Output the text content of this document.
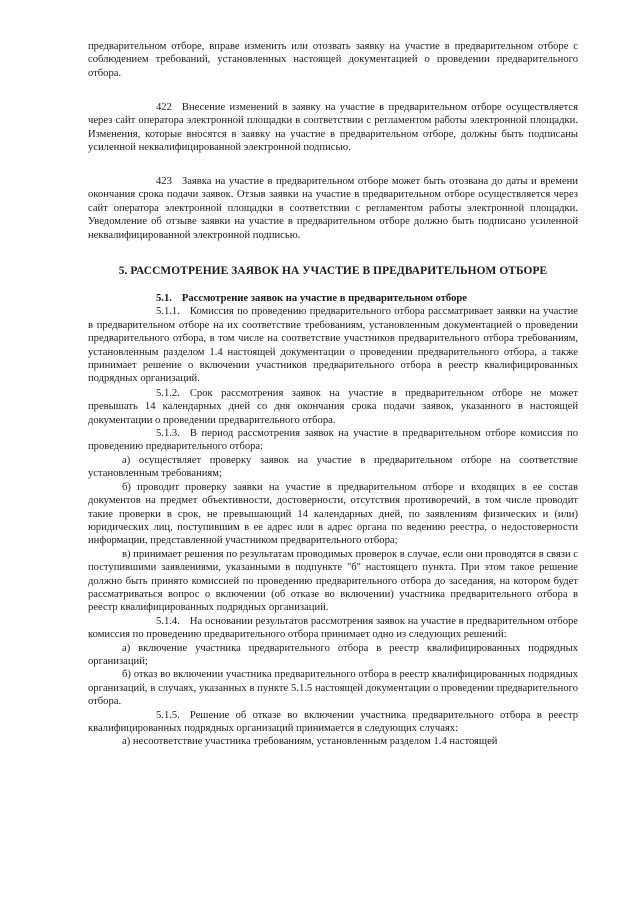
предварительном отборе, вправе изменить или отозвать заявку на участие в предварительном отборе с соблюдением требований, установленных настоящей документацией о проведении предварительного отбора.

422 Внесение изменений в заявку на участие в предварительном отборе осуществляется через сайт оператора электронной площадки в соответствии с регламентом работы электронной площадки. Изменения, которые вносятся в заявку на участие в предварительном отборе, должны быть подписаны усиленной неквалифицированной электронной подписью.

423 Заявка на участие в предварительном отборе может быть отозвана до даты и времени окончания срока подачи заявок. Отзыв заявки на участие в предварительном отборе осуществляется через сайт оператора электронной площадки в соответствии с регламентом работы электронной площадки. Уведомление об отзыве заявки на участие в предварительном отборе должно быть подписано усиленной неквалифицированной электронной подписью.

5. РАССМОТРЕНИЕ ЗАЯВОК НА УЧАСТИЕ В ПРЕДВАРИТЕЛЬНОМ ОТБОРЕ

5.1. Рассмотрение заявок на участие в предварительном отборе

5.1.1. Комиссия по проведению предварительного отбора рассматривает заявки на участие в предварительном отборе на их соответствие требованиям, установленным документацией о проведении предварительного отбора, в том числе на соответствие участников предварительного отбора требованиям, установленным разделом 1.4 настоящей документации о проведении предварительного отбора, а также принимает решение о включении участников предварительного отбора в реестр квалифицированных подрядных организаций.

5.1.2. Срок рассмотрения заявок на участие в предварительном отборе не может превышать 14 календарных дней со дня окончания срока подачи заявок, указанного в настоящей документации о проведении предварительного отбора.

5.1.3. В период рассмотрения заявок на участие в предварительном отборе комиссия по проведению предварительного отбора:

а) осуществляет проверку заявок на участие в предварительном отборе на соответствие установленным требованиям;

б) проводит проверку заявки на участие в предварительном отборе и входящих в ее состав документов на предмет объективности, достоверности, отсутствия противоречий, в том числе проводит такие проверки в срок, не превышающий 14 календарных дней, по заявлениям физических и (или) юридических лиц, поступившим в ее адрес или в адрес органа по ведению реестра, о недостоверности информации, представленной участником предварительного отбора;

в) принимает решения по результатам проводимых проверок в случае, если они проводятся в связи с поступившими заявлениями, указанными в подпункте "б" настоящего пункта. При этом такое решение должно быть принято комиссией по проведению предварительного отбора до заседания, на котором будет рассматриваться вопрос о включении (об отказе во включении) участника предварительного отбора в реестр квалифицированных подрядных организаций.

5.1.4. На основании результатов рассмотрения заявок на участие в предварительном отборе комиссия по проведению предварительного отбора принимает одно из следующих решений:

а) включение участника предварительного отбора в реестр квалифицированных подрядных организаций;

б) отказ во включении участника предварительного отбора в реестр квалифицированных подрядных организаций, в случаях, указанных в пункте 5.1.5 настоящей документации о проведении предварительного отбора.

5.1.5. Решение об отказе во включении участника предварительного отбора в реестр квалифицированных подрядных организаций принимается в следующих случаях:

а) несоответствие участника требованиям, установленным разделом 1.4 настоящей
